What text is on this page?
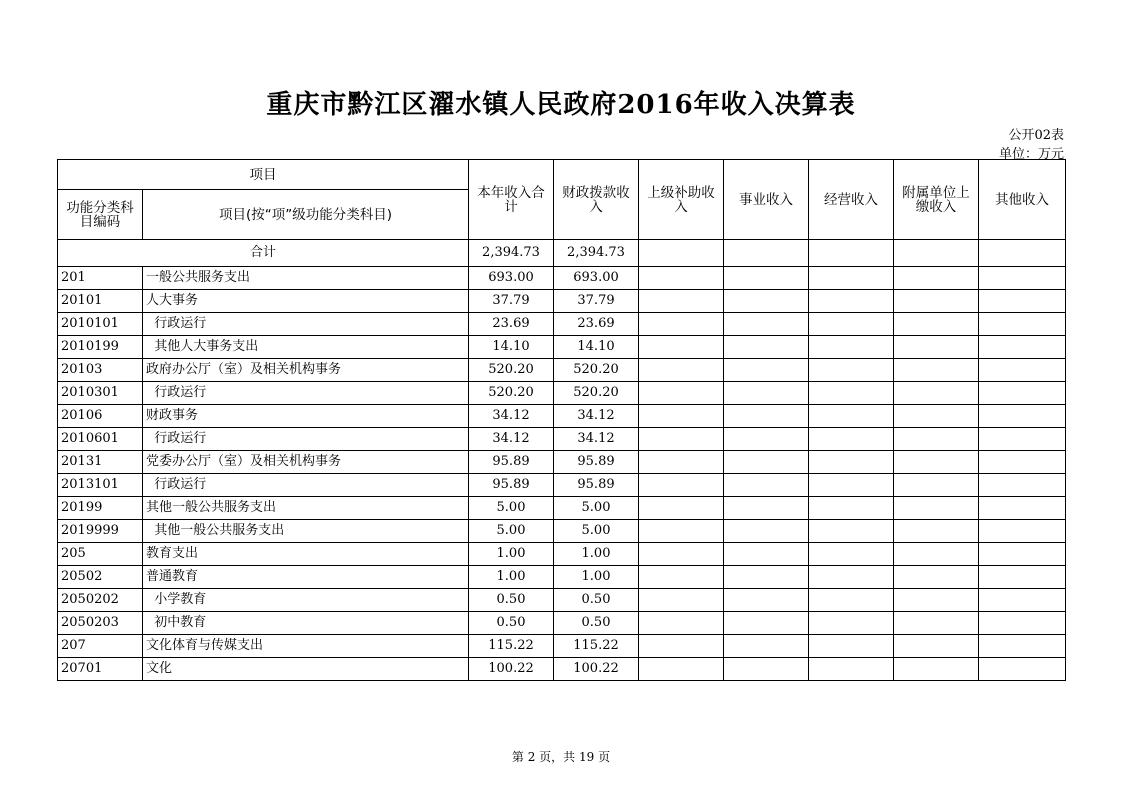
重庆市黔江区濯水镇人民政府2016年收入决算表
公开02表
单位：万元
项目		本年收入合计	财政拨款收入	上级补助收入	事业收入	经营收入	附属单位上缴收入	其他收入
功能分类科目编码	项目(按“项”级功能分类科目)							
合计		2,394.73	2,394.73					
201	一般公共服务支出	693.00	693.00					
20101	人大事务	37.79	37.79					
2010101	行政运行	23.69	23.69					
2010199	其他人大事务支出	14.10	14.10					
20103	政府办公厅（室）及相关机构事务	520.20	520.20					
2010301	行政运行	520.20	520.20					
20106	财政事务	34.12	34.12					
2010601	行政运行	34.12	34.12					
20131	党委办公厅（室）及相关机构事务	95.89	95.89					
2013101	行政运行	95.89	95.89					
20199	其他一般公共服务支出	5.00	5.00					
2019999	其他一般公共服务支出	5.00	5.00					
205	教育支出	1.00	1.00					
20502	普通教育	1.00	1.00					
2050202	小学教育	0.50	0.50					
2050203	初中教育	0.50	0.50					
207	文化体育与传媒支出	115.22	115.22					
20701	文化	100.22	100.22					
第 2 页，共 19 页
